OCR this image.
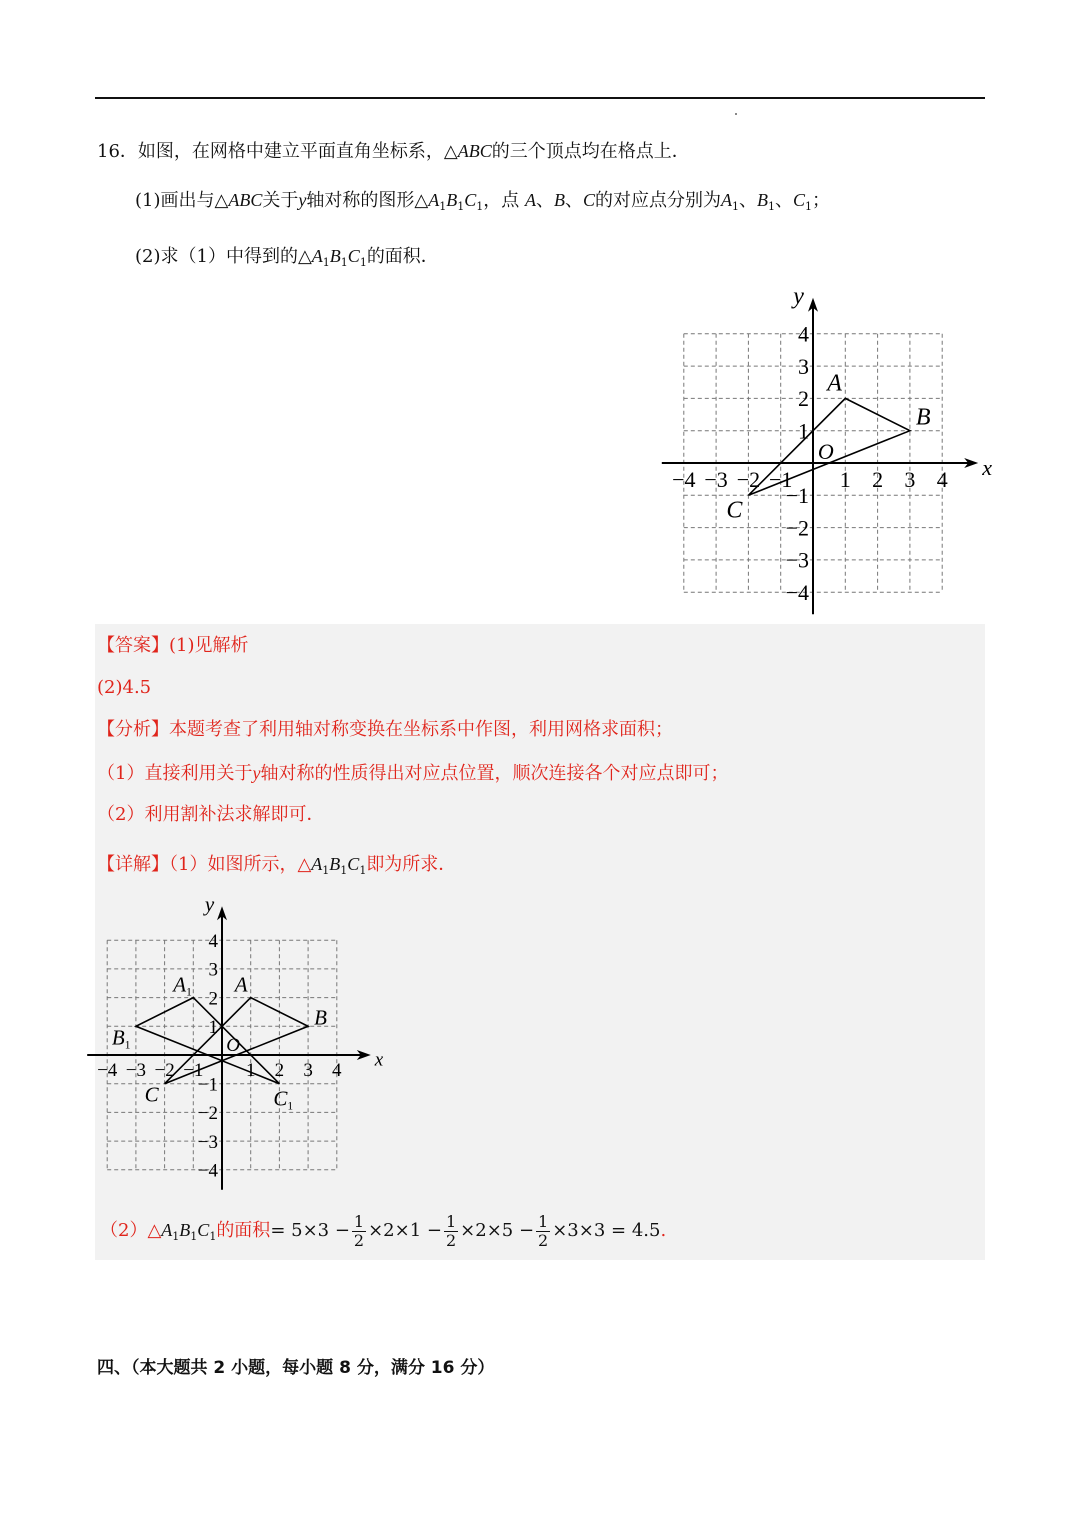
16．如图，在网格中建立平面直角坐标系，△ABC的三个顶点均在格点上．
(1)画出与△ABC关于y轴对称的图形$\triangle A_1B_1C_1$，点 A、B、C的对应点分别为$A_1$、$B_1$、$C_1$；
(2)求（1）中得到的$\triangle A_1B_1C_1$的面积．
x
y
O
−4 −3 −2 −1 1 2 3 4
4
3
2
1
−1
−2
−3
−4
A
B
C
【答案】(1)见解析
(2)4.5
【分析】本题考查了利用轴对称变换在坐标系中作图，利用网格求面积；
（1）直接利用关于y轴对称的性质得出对应点位置，顺次连接各个对应点即可；
（2）利用割补法求解即可．
【详解】（1）如图所示，$\triangle A_1B_1C_1$即为所求．
x
y
O
−4 −3 −2 −1 1 2 3 4
4
3
2
1
−1
−2
−3
−4
A
B
C
A1
B1
C1
$(2)\triangle A_1B_1C_1$的面积= $5\times 3 - \frac{1}{2} \times 2\times 1 - \frac{1}{2} \times 2\times 5 - \frac{1}{2} \times 3\times 3 = 4.5$.
四、（本大题共 2 小题，每小题 8 分，满分 16 分）
